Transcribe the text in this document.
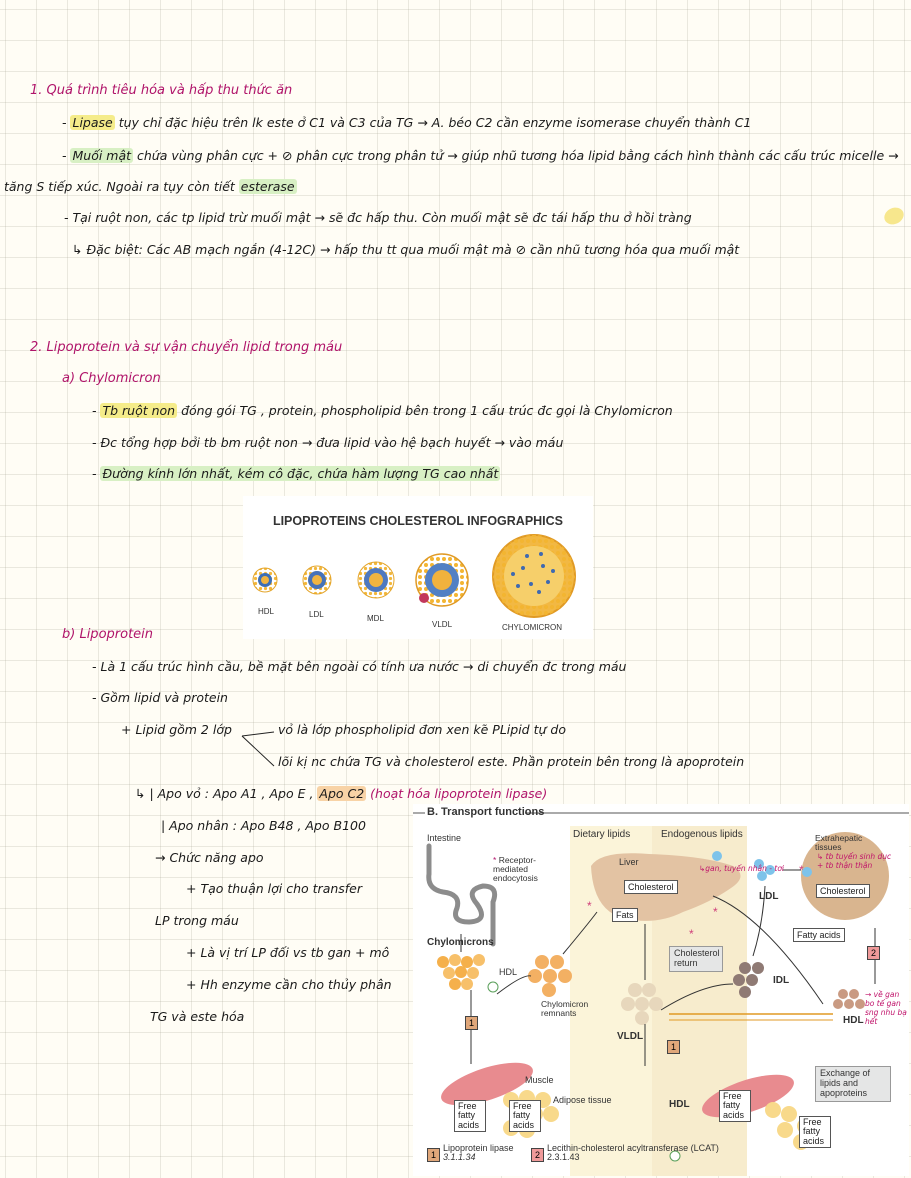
1. Quá trình tiêu hóa và hấp thu thức ăn
- Lipase tụy chỉ đặc hiệu trên lk este ở C1 và C3 của TG → A. béo C2 cần enzyme isomerase chuyển thành C1
- Muối mật chứa vùng phân cực + ⊘ phân cực trong phân tử → giúp nhũ tương hóa lipid bằng cách hình thành các cấu trúc micelle →
tăng S tiếp xúc. Ngoài ra tụy còn tiết esterase
- Tại ruột non, các tp lipid trừ muối mật → sẽ đc hấp thu. Còn muối mật sẽ đc tái hấp thu ở hồi tràng
↳ Đặc biệt: Các AB mạch ngắn (4-12C) → hấp thu tt qua muối mật mà ⊘ cần nhũ tương hóa qua muối mật
2. Lipoprotein và sự vận chuyển lipid trong máu
a) Chylomicron
- Tb ruột non đóng gói TG , protein, phospholipid bên trong 1 cấu trúc đc gọi là Chylomicron
- Đc tổng hợp bởi tb bm ruột non → đưa lipid vào hệ bạch huyết → vào máu
- Đường kính lớn nhất, kém cô đặc, chứa hàm lượng TG cao nhất
LIPOPROTEINS CHOLESTEROL INFOGRAPHICS
HDL	LDL	MDL
VLDL	CHYLOMICRON
b) Lipoprotein
- Là 1 cấu trúc hình cầu, bề mặt bên ngoài có tính ưa nước → di chuyển đc trong máu
- Gồm lipid và protein
+ Lipid gồm 2 lớp	vỏ là lớp phospholipid đơn xen kẽ PLipid tự do
lõi kị nc chứa TG và cholesterol este. Phần protein bên trong là apoprotein
↳ | Apo vỏ : Apo A1 , Apo E , Apo C2 (hoạt hóa lipoprotein lipase)
| Apo nhân : Apo B48 , Apo B100
→ Chức năng apo
+ Tạo thuận lợi cho transfer
LP trong máu
+ Là vị trí LP đối vs tb gan + mô
+ Hh enzyme cần cho thủy phân
TG và este hóa
*	*
*
*
B. Transport functions
Intestine	Dietary lipids	Endogenous lipids	Extrahepatic tissues
* Receptor-mediated endocytosis
Liver
Cholesterol
Fats
LDL	Cholesterol
Fatty acids
2
Chylomicrons
HDL
1
Chylomicron remnants
Cholesterol return
IDL
VLDL
1
HDL
Exchange of lipids and apoproteins
Muscle
Adipose tissue
Free fatty acids
Free fatty acids
HDL
Free fatty acids
Free fatty acids
1
Lipoprotein lipase
3.1.1.34	2
Lecithin-cholesterol acyltransferase (LCAT) 2.3.1.43
↳gan, tuyến nhân - tơi
↳ tb tuyến sinh dục + tb thận thận
→ về gan bo tế gan sng nhu bạ hết
